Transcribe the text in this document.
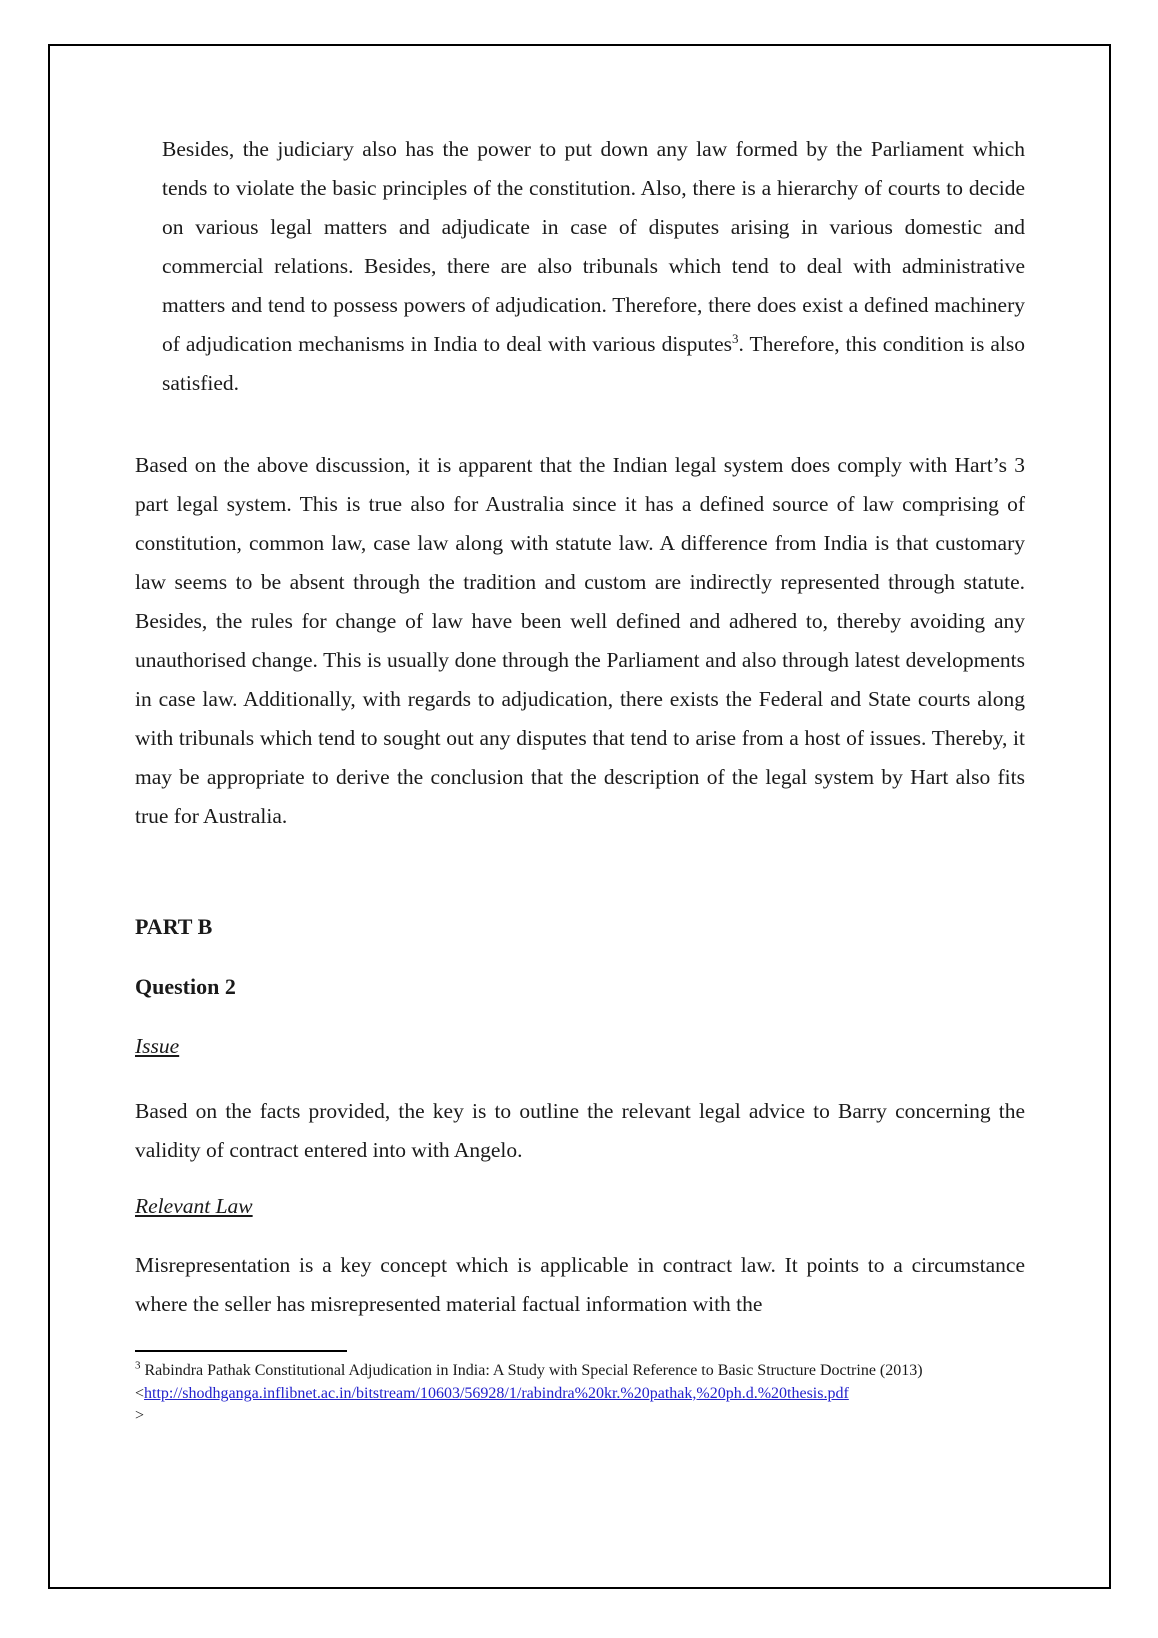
Besides, the judiciary also has the power to put down any law formed by the Parliament which tends to violate the basic principles of the constitution. Also, there is a hierarchy of courts to decide on various legal matters and adjudicate in case of disputes arising in various domestic and commercial relations. Besides, there are also tribunals which tend to deal with administrative matters and tend to possess powers of adjudication. Therefore, there does exist a defined machinery of adjudication mechanisms in India to deal with various disputes$^3$. Therefore, this condition is also satisfied.

Based on the above discussion, it is apparent that the Indian legal system does comply with Hart’s 3 part legal system. This is true also for Australia since it has a defined source of law comprising of constitution, common law, case law along with statute law. A difference from India is that customary law seems to be absent through the tradition and custom are indirectly represented through statute. Besides, the rules for change of law have been well defined and adhered to, thereby avoiding any unauthorised change. This is usually done through the Parliament and also through latest developments in case law. Additionally, with regards to adjudication, there exists the Federal and State courts along with tribunals which tend to sought out any disputes that tend to arise from a host of issues. Thereby, it may be appropriate to derive the conclusion that the description of the legal system by Hart also fits true for Australia.

PART B
Question 2
Issue

Based on the facts provided, the key is to outline the relevant legal advice to Barry concerning the validity of contract entered into with Angelo.

Relevant Law

Misrepresentation is a key concept which is applicable in contract law. It points to a circumstance where the seller has misrepresented material factual information with the

$^3$ Rabindra Pathak Constitutional Adjudication in India: A Study with Special Reference to Basic Structure Doctrine (2013)
<http://shodhganga.inflibnet.ac.in/bitstream/10603/56928/1/rabindra%20kr.%20pathak,%20ph.d.%20thesis.pdf
>
